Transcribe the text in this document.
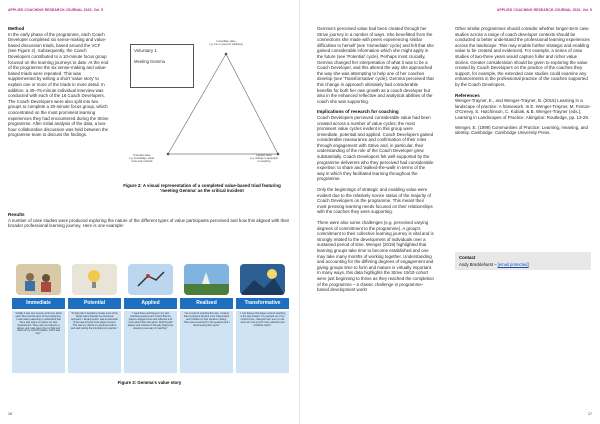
APPLIED COACHING RESEARCH JOURNAL 2020, Vol. 5

Method

In the early phase of the programme, each Coach Developer completed six sense-making and value-based discussion triads, based around the VCF (see Figure 2). Subsequently, the Coach Developers contributed to a 10-minute focus group focused on the learning journeys to date. At the end of the programme the six sense-making and value-based triads were repeated. This was supplemented by writing a short 'value story' to explain one or more of the triads in more detail. In addition, a 40–75-minute individual interview was conducted with each of the 16 Coach Developers. The Coach Developers were also split into two groups to complete a 20-minute focus group, which concentrated on the most prominent learning experiences they had encountered during the Strive programme. After initial analysis of the data, a two-hour collaborative discussion was held between the programme team to discuss the findings.

Voluntary 1
Meeting Gemma
Immediate value
e.g. fun or good for wellbeing
Potential value
e.g. knowledge, ideas,
tools and methods
Applied value
e.g. change in approach
to coaching
Figure 2: A visual representation of a completed value-based triad featuring 'meeting Gemma' as the critical incident

Results

A number of case studies were produced exploring the nature of the different types of value participants perceived and how this aligned with their broader professional learning journey. Here is one example:

Immediate
"Initially it was nice to learn a bit more about each other and the aims of the programme. It was really reassuring to understand that there was space to explore my own development. There was no pressure to deliver, and I was given time to think and reflect on my current practice, which was nice."
Potential
"At that point I decided to create a few of the blocks learnt through the structured approach. I already knew I was an advocate of the idea of being more player centred. This was my chance to experiment with it and start putting the principles into practice."
Applied
"I used these techniques in my own coaching sessions and I found that the players engaged more and reflected a lot more about their own game. Working with players and coaches in this way helped me develop a new way of coaching."
Realised
"As a result of coaching this way, I noticed that my players became more independent and confident in their decision making. There was a real buzz in the sessions and I loved seeing them grow."
Transformative
"I now believe that player-centred coaching is the way forward. I've stepped out of my comfort zone, changed how I see my role and I am now a much more reflective and confident coach."
Figure 3: Gemma's value story
16
APPLIED COACHING RESEARCH JOURNAL 2020, Vol. 5
17

Gemma's perceived value had been created through her Strive journey in a number of ways. She benefitted from the connections she made with peers experiencing similar difficulties to herself (see 'Immediate' cycle) and felt that she gained considerable information which she might apply in the future (see 'Potential' cycle). Perhaps most crucially, Gemma changed her interpretation of what it was to be a Coach Developer, and this altered the way she approached the way she was attempting to help one of her coaches develop (see 'Transformative' cycle). Gemma perceived that this change in approach ultimately had considerable benefits for both her own growth as a coach developer but also in the enhanced reflective and analytical abilities of the coach she was supporting.

Implications of research for coaching

Coach Developers perceived considerable value had been created across a number of value cycles; the most prominent value cycles evident in this group were immediate, potential and applied. Coach Developers gained considerable reassurance and confirmation of their roles through engagement with Strive and, in particular, their understanding of the role of the Coach Developer grew substantially. Coach Developers felt well-supported by the programme deliverers who they perceived had considerable expertise: to share and 'walked-the-walk' in terms of the way in which they facilitated learning throughout the programme.

Only the beginnings of strategic and enabling value were evident due to the relatively novice status of the majority of Coach Developers on the programme. This meant their most pressing learning needs focused on their relationships with the coaches they were supporting.

There were also some challenges (e.g. perceived varying degrees of commitment to the programme). A group's commitment to their collective learning journey is vital and is strongly related to the development of individuals over a sustained period of time. Wenger (2019) highlighted that learning groups take time to become established and one may take many months of working together. Understanding and accounting for the differing degrees of engagement and giving groups time to form and mature is virtually important. In many ways, this data highlights the Strive 19/19 cohort were just beginning to thrive as they reached the completion of the programme – a classic challenge in programme-based development work!

Other similar programmes should consider whether longer-term case studies across a range of coach developer contexts should be conducted to better understand the professional learning experiences across the landscape. This may enable further strategic and enabling value to be created and evidenced. For example, a series of case studies of two-three years would capture fuller and richer value stories. Greater consideration should be given to exploring the value created by Coach Developers on the practice of the coaches they support, for example, the extended case studies could examine any enhancements in the professional practice of the coaches supported by the Coach Developers.

References

Wenger-Trayner, E., and Wenger-Trayner, B. (2015) Learning in a landscape of practice: A framework. In E. Wenger-Trayner, M. Fenton-O'Creevy, S. Hutchinson, C. Kubiak, & B. Wenger-Trayner (eds.), Learning in Landscapes of Practice. Abingdon: Routledge, pp. 13-29.

Wenger, E. (1999) Communities of Practice: Learning, meaning, and identity. Cambridge: Cambridge University Press.

Contact
Andy Brocklehurst – [email protected]
